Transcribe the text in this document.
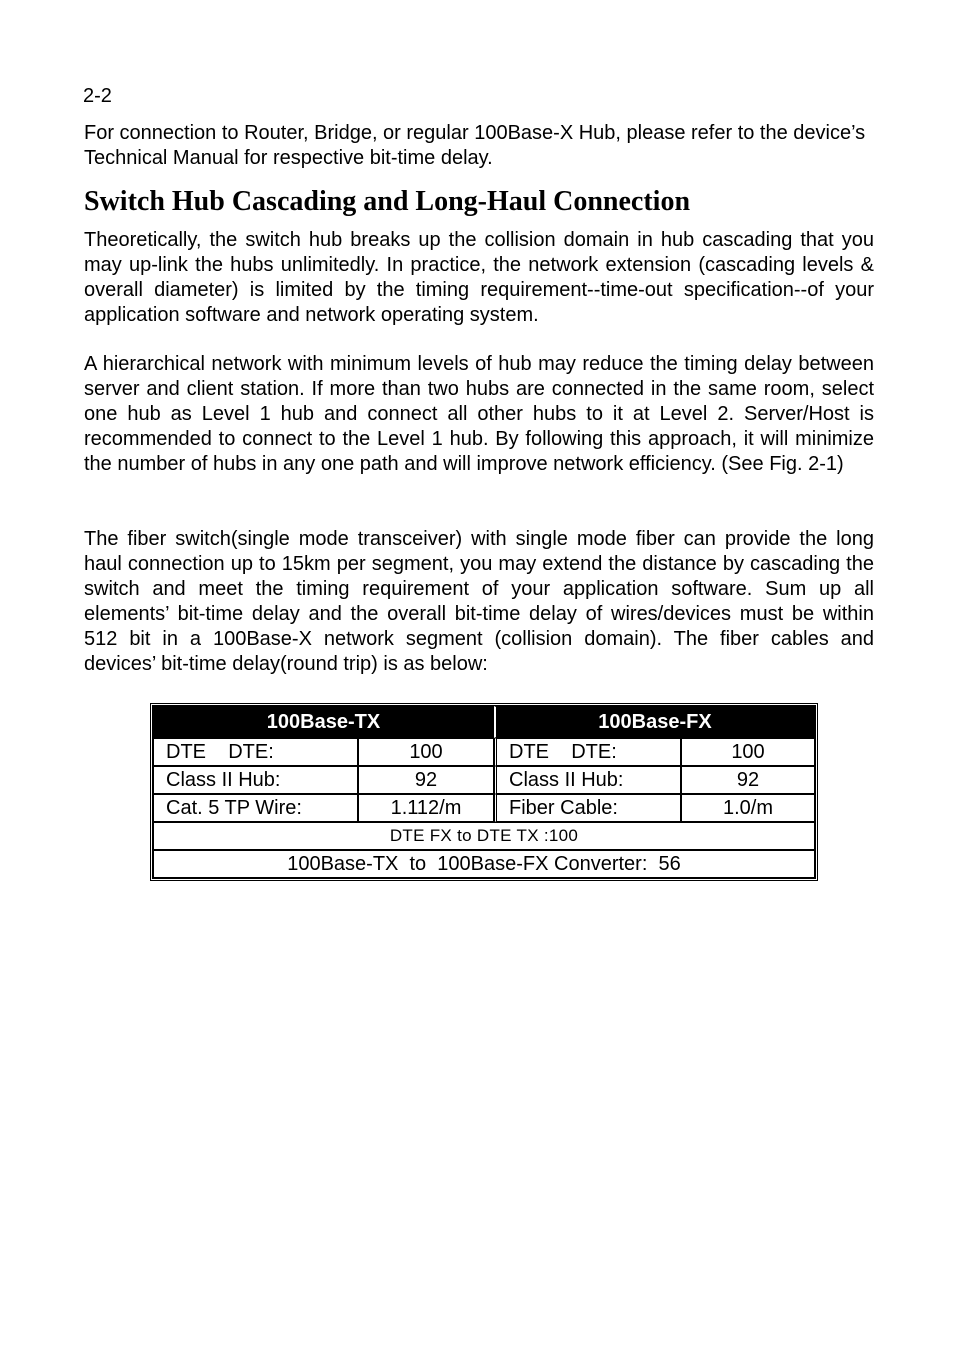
2-2

For connection to Router, Bridge, or regular 100Base-X Hub, please refer to the device’s Technical Manual for respective bit-time delay.

Switch Hub Cascading and Long-Haul Connection

Theoretically, the switch hub breaks up the collision domain in hub cascading that you may up-link the hubs unlimitedly. In practice, the network extension (cascading levels & overall diameter) is limited by the timing requirement--time-out specification--of your application software and network operating system.

A hierarchical network with minimum levels of hub may reduce the timing delay between server and client station. If more than two hubs are connected in the same room, select one hub as Level 1 hub and connect all other hubs to it at Level 2. Server/Host is recommended to connect to the Level 1 hub. By following this approach, it will minimize the number of hubs in any one path and will improve network efficiency. (See Fig. 2-1)

The fiber switch(single mode transceiver) with single mode fiber can provide the long haul connection up to 15km per segment, you may extend the distance by cascading the switch and meet the timing requirement of your application software. Sum up all elements’ bit-time delay and the overall bit-time delay of wires/devices must be within 512 bit in a 100Base-X network segment (collision domain). The fiber cables and devices’ bit-time delay(round trip) is as below:

100Base-TX		100Base-FX	
DTE    DTE:	100	DTE    DTE:	100
Class II Hub:	92	Class II Hub:	92
Cat. 5 TP Wire:	1.112/m	Fiber Cable:	1.0/m
DTE FX to DTE TX :100			
100Base-TX  to  100Base-FX Converter:  56			
